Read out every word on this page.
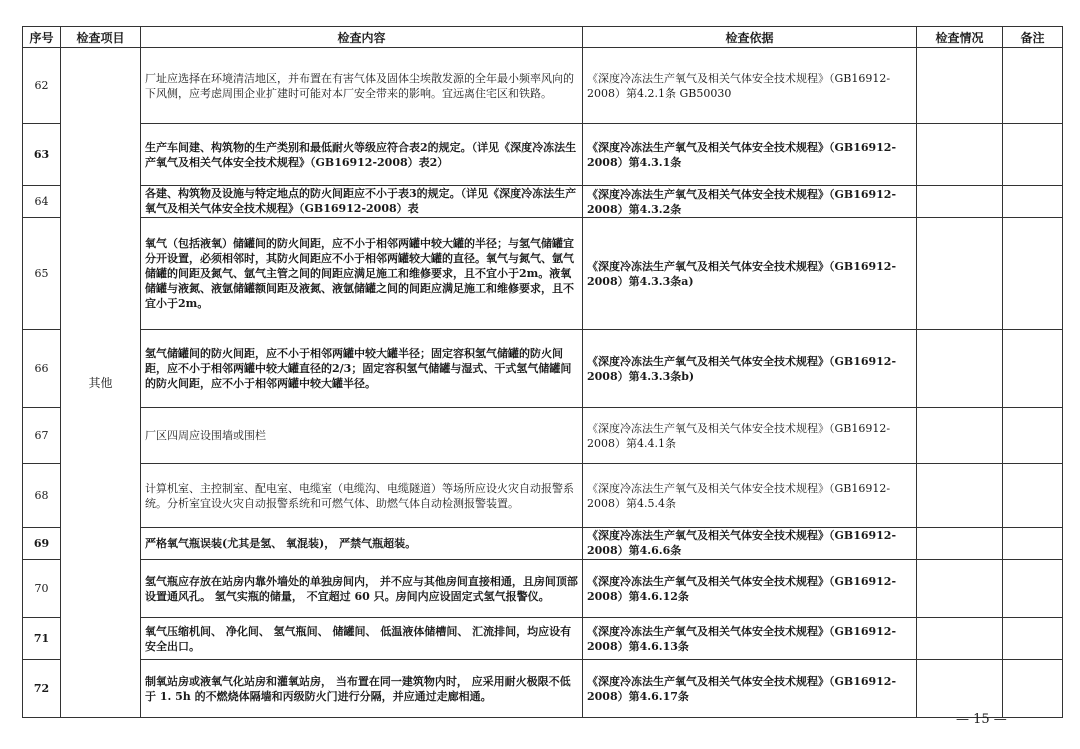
序号	检查项目	检查内容	检查依据	检查情况	备注
62	其他	厂址应选择在环境清洁地区，并布置在有害气体及固体尘埃散发源的全年最小频率风向的下风侧，应考虑周围企业扩建时可能对本厂安全带来的影响。宜远离住宅区和铁路。	《深度冷冻法生产氧气及相关气体安全技术规程》（GB16912-2008）第4.2.1条 GB50030		
63		生产车间建、构筑物的生产类别和最低耐火等级应符合表2的规定。（详见《深度冷冻法生产氧气及相关气体安全技术规程》（GB16912-2008）表2）	《深度冷冻法生产氧气及相关气体安全技术规程》（GB16912-2008）第4.3.1条		
64		各建、构筑物及设施与特定地点的防火间距应不小于表3的规定。（详见《深度冷冻法生产氧气及相关气体安全技术规程》（GB16912-2008）表	《深度冷冻法生产氧气及相关气体安全技术规程》（GB16912-2008）第4.3.2条		
65		氧气（包括液氧）储罐间的防火间距，应不小于相邻两罐中较大罐的半径；与氢气储罐宜分开设置，必须相邻时，其防火间距应不小于相邻两罐较大罐的直径。氧气与氮气、氩气储罐的间距及氮气、氩气主管之间的间距应满足施工和维修要求，且不宜小于2m。液氧储罐与液氮、液氩储罐额间距及液氮、液氩储罐之间的间距应满足施工和维修要求，且不宜小于2m。	《深度冷冻法生产氧气及相关气体安全技术规程》（GB16912-2008）第4.3.3条a)		
66		氢气储罐间的防火间距，应不小于相邻两罐中较大罐半径；固定容积氢气储罐的防火间距，应不小于相邻两罐中较大罐直径的2/3；固定容积氢气储罐与湿式、干式氢气储罐间的防火间距，应不小于相邻两罐中较大罐半径。	《深度冷冻法生产氧气及相关气体安全技术规程》（GB16912-2008）第4.3.3条b)		
67		厂区四周应设围墙或围栏	《深度冷冻法生产氧气及相关气体安全技术规程》（GB16912-2008）第4.4.1条		
68		计算机室、主控制室、配电室、电缆室（电缆沟、电缆隧道）等场所应设火灾自动报警系统。分析室宜设火灾自动报警系统和可燃气体、助燃气体自动检测报警装置。	《深度冷冻法生产氧气及相关气体安全技术规程》（GB16912-2008）第4.5.4条		
69		严格氧气瓶误装(尤其是氢、 氧混装)， 严禁气瓶超装。	《深度冷冻法生产氧气及相关气体安全技术规程》（GB16912-2008）第4.6.6条		

70		氢气瓶应存放在站房内靠外墙处的单独房间内， 并不应与其他房间直接相通，且房间顶部设置通风孔。 氢气实瓶的储量， 不宜超过 60 只。房间内应设固定式氢气报警仪。	《深度冷冻法生产氧气及相关气体安全技术规程》（GB16912-2008）第4.6.12条		
71		氧气压缩机间、 净化间、 氢气瓶间、 储罐间、 低温液体储槽间、 汇流排间，均应设有安全出口。	《深度冷冻法生产氧气及相关气体安全技术规程》（GB16912-2008）第4.6.13条		
72		制氧站房或液氧气化站房和灌氧站房， 当布置在同一建筑物内时， 应采用耐火极限不低于 1. 5h 的不燃烧体隔墙和丙级防火门进行分隔，并应通过走廊相通。	《深度冷冻法生产氧气及相关气体安全技术规程》（GB16912-2008）第4.6.17条		
— 15 —
